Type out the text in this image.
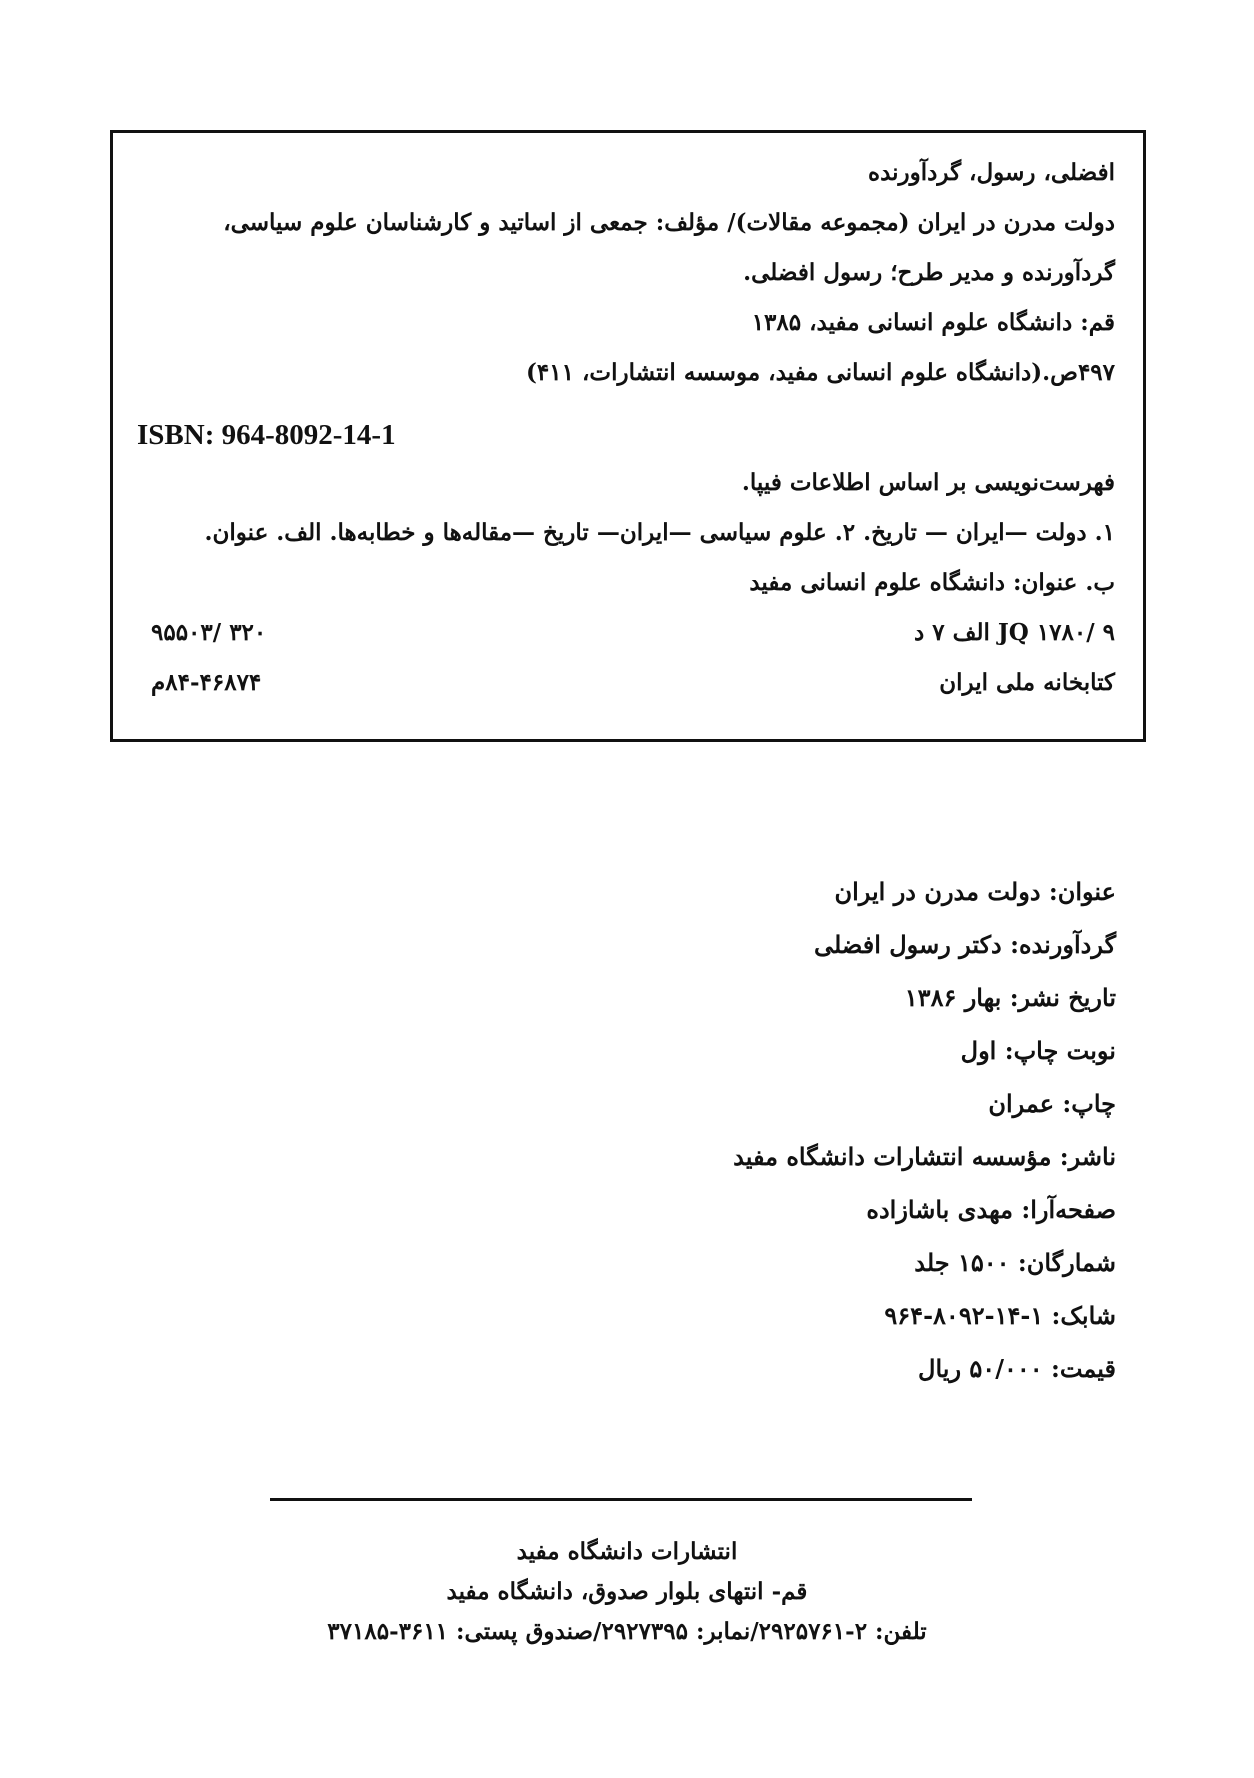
افضلی، رسول، گردآورنده
دولت مدرن در ایران (مجموعه مقالات)/ مؤلف: جمعی از اساتید و کارشناسان علوم سیاسی،
گردآورنده و مدیر طرح؛ رسول افضلی.
قم: دانشگاه علوم انسانی مفید، ۱۳۸۵
۴۹۷ص.(دانشگاه علوم انسانی مفید، موسسه انتشارات، ۴۱۱)
ISBN: 964-8092-14-1
فهرست‌نویسی بر اساس اطلاعات فیپا.
۱. دولت —ایران — تاریخ. ۲. علوم سیاسی —ایران— تاریخ —مقاله‌ها و خطابه‌ها. الف. عنوان.
ب. عنوان: دانشگاه علوم انسانی مفید
JQ ۱۷۸۰/ ۹ الف ۷ د
۳۲۰ /۹۵۵۰۳
کتابخانه ملی ایران
۸۴-۴۶۸۷۴م
عنوان: دولت مدرن در ایران
گردآورنده: دکتر رسول افضلی
تاریخ نشر: بهار ۱۳۸۶
نوبت چاپ: اول
چاپ: عمران
ناشر: مؤسسه انتشارات دانشگاه مفید
صفحه‌آرا: مهدی باشازاده
شمارگان: ۱۵۰۰ جلد
شابک: ۱-۱۴-۸۰۹۲-۹۶۴
قیمت: ۵۰/۰۰۰ ریال
انتشارات دانشگاه مفید
قم- انتهای بلوار صدوق، دانشگاه مفید
تلفن: ۲-۲۹۲۵۷۶۱/نمابر: ۲۹۲۷۳۹۵/صندوق پستی: ۳۶۱۱-۳۷۱۸۵
